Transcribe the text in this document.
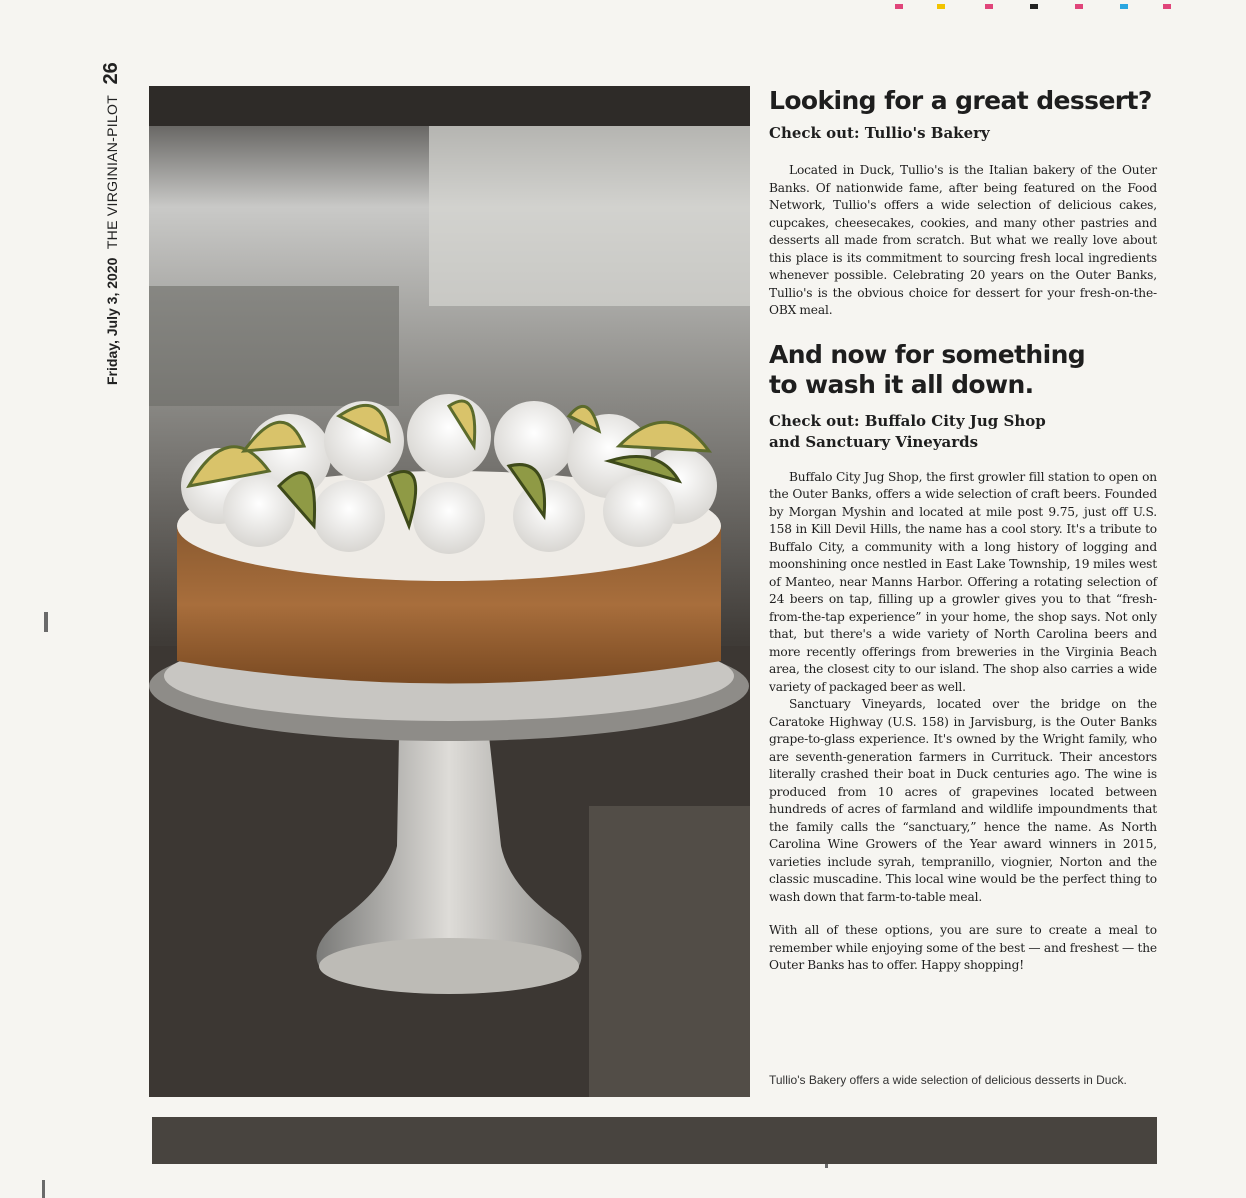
Friday, July 3, 2020 THE VIRGINIAN-PILOT 26
Looking for a great dessert?

Check out: Tullio's Bakery

Located in Duck, Tullio's is the Italian bakery of the Outer Banks. Of nationwide fame, after being featured on the Food Network, Tullio's offers a wide selection of delicious cakes, cupcakes, cheesecakes, cookies, and many other pastries and desserts all made from scratch. But what we really love about this place is its commitment to sourcing fresh local ingredients whenever possible. Celebrating 20 years on the Outer Banks, Tullio's is the obvious choice for dessert for your fresh-on-the-OBX meal.

And now for something
to wash it all down.

Check out: Buffalo City Jug Shop
and Sanctuary Vineyards

Buffalo City Jug Shop, the first growler fill station to open on the Outer Banks, offers a wide selection of craft beers. Founded by Morgan Myshin and located at mile post 9.75, just off U.S. 158 in Kill Devil Hills, the name has a cool story. It's a tribute to Buffalo City, a community with a long history of logging and moonshining once nestled in East Lake Township, 19 miles west of Manteo, near Manns Harbor. Offering a rotating selection of 24 beers on tap, filling up a growler gives you to that “fresh-from-the-tap experience” in your home, the shop says. Not only that, but there's a wide variety of North Carolina beers and more recently offerings from breweries in the Virginia Beach area, the closest city to our island. The shop also carries a wide variety of packaged beer as well.

Sanctuary Vineyards, located over the bridge on the Caratoke Highway (U.S. 158) in Jarvisburg, is the Outer Banks grape-to-glass experience. It's owned by the Wright family, who are seventh-generation farmers in Currituck. Their ancestors literally crashed their boat in Duck centuries ago. The wine is produced from 10 acres of grapevines located between hundreds of acres of farmland and wildlife impoundments that the family calls the “sanctuary,” hence the name. As North Carolina Wine Growers of the Year award winners in 2015, varieties include syrah, tempranillo, viognier, Norton and the classic muscadine. This local wine would be the perfect thing to wash down that farm-to-table meal.

With all of these options, you are sure to create a meal to remember while enjoying some of the best — and freshest — the Outer Banks has to offer. Happy shopping!

Tullio's Bakery offers a wide selection of delicious desserts in Duck.
